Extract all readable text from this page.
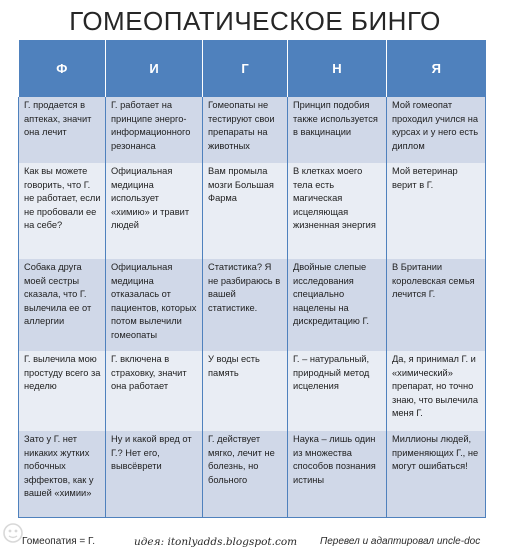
ГОМЕОПАТИЧЕСКОЕ БИНГО
Ф	И	Г	Н	Я
Г. продается в аптеках, значит она лечит	Г. работает на принципе энерго-информационного резонанса	Гомеопаты не тестируют свои препараты на животных	Принцип подобия также используется в вакцинации	Мой гомеопат проходил учился на курсах и у него есть диплом
Как вы можете говорить, что Г. не работает, если не пробовали ее на себе?	Официальная медицина использует «химию» и травит людей	Вам промыла мозги Большая Фарма	В клетках моего тела есть магическая исцеляющая жизненная энергия	Мой ветеринар верит в Г.
Собака друга моей сестры сказала, что Г. вылечила ее от аллергии	Официальная медицина отказалась от пациентов, которых потом вылечили гомеопаты	Статистика? Я не разбираюсь в вашей статистике.	Двойные слепые исследования специально нацелены на дискредитацию Г.	В Британии королевская семья лечится Г.
Г. вылечила мою простуду всего за неделю	Г. включена в страховку, значит она работает	У воды есть память	Г. – натуральный, природный метод исцеления	Да, я принимал Г. и «химический» препарат, но точно знаю, что вылечила меня Г.
Зато у Г. нет никаких жутких побочных эффектов, как у вашей «химии»	Ну и какой вред от Г.? Нет его, вывсёврети	Г. действует мягко, лечит не болезнь, но больного	Наука – лишь один из множества способов познания истины	Миллионы людей, применяющих Г., не могут ошибаться!
Гомеопатия = Г.	идея: itonlyadds.blogspot.com Перевел и адаптировал uncle-doc
